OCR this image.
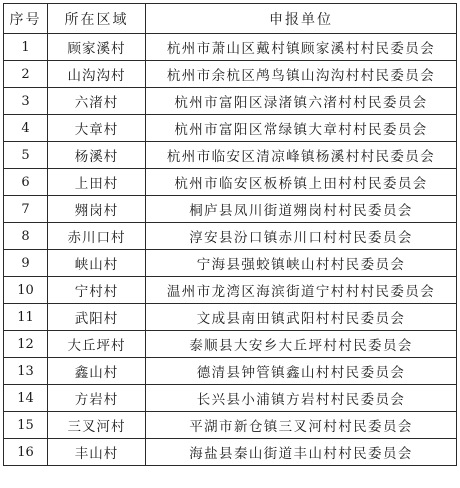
序号	所在区域	申报单位
1	顾家溪村	杭州市萧山区戴村镇顾家溪村村民委员会
2	山沟沟村	杭州市余杭区鸬鸟镇山沟沟村村民委员会
3	六渚村	杭州市富阳区渌渚镇六渚村村民委员会
4	大章村	杭州市富阳区常绿镇大章村村民委员会
5	杨溪村	杭州市临安区清凉峰镇杨溪村村民委员会
6	上田村	杭州市临安区板桥镇上田村村民委员会
7	翙岗村	桐庐县凤川街道翙岗村村民委员会
8	赤川口村	淳安县汾口镇赤川口村村民委员会
9	峡山村	宁海县强蛟镇峡山村村民委员会
10	宁村村	温州市龙湾区海滨街道宁村村村民委员会
11	武阳村	文成县南田镇武阳村村民委员会
12	大丘坪村	泰顺县大安乡大丘坪村村民委员会
13	鑫山村	德清县钟管镇鑫山村村民委员会
14	方岩村	长兴县小浦镇方岩村村民委员会
15	三叉河村	平湖市新仓镇三叉河村村民委员会
16	丰山村	海盐县秦山街道丰山村村民委员会
